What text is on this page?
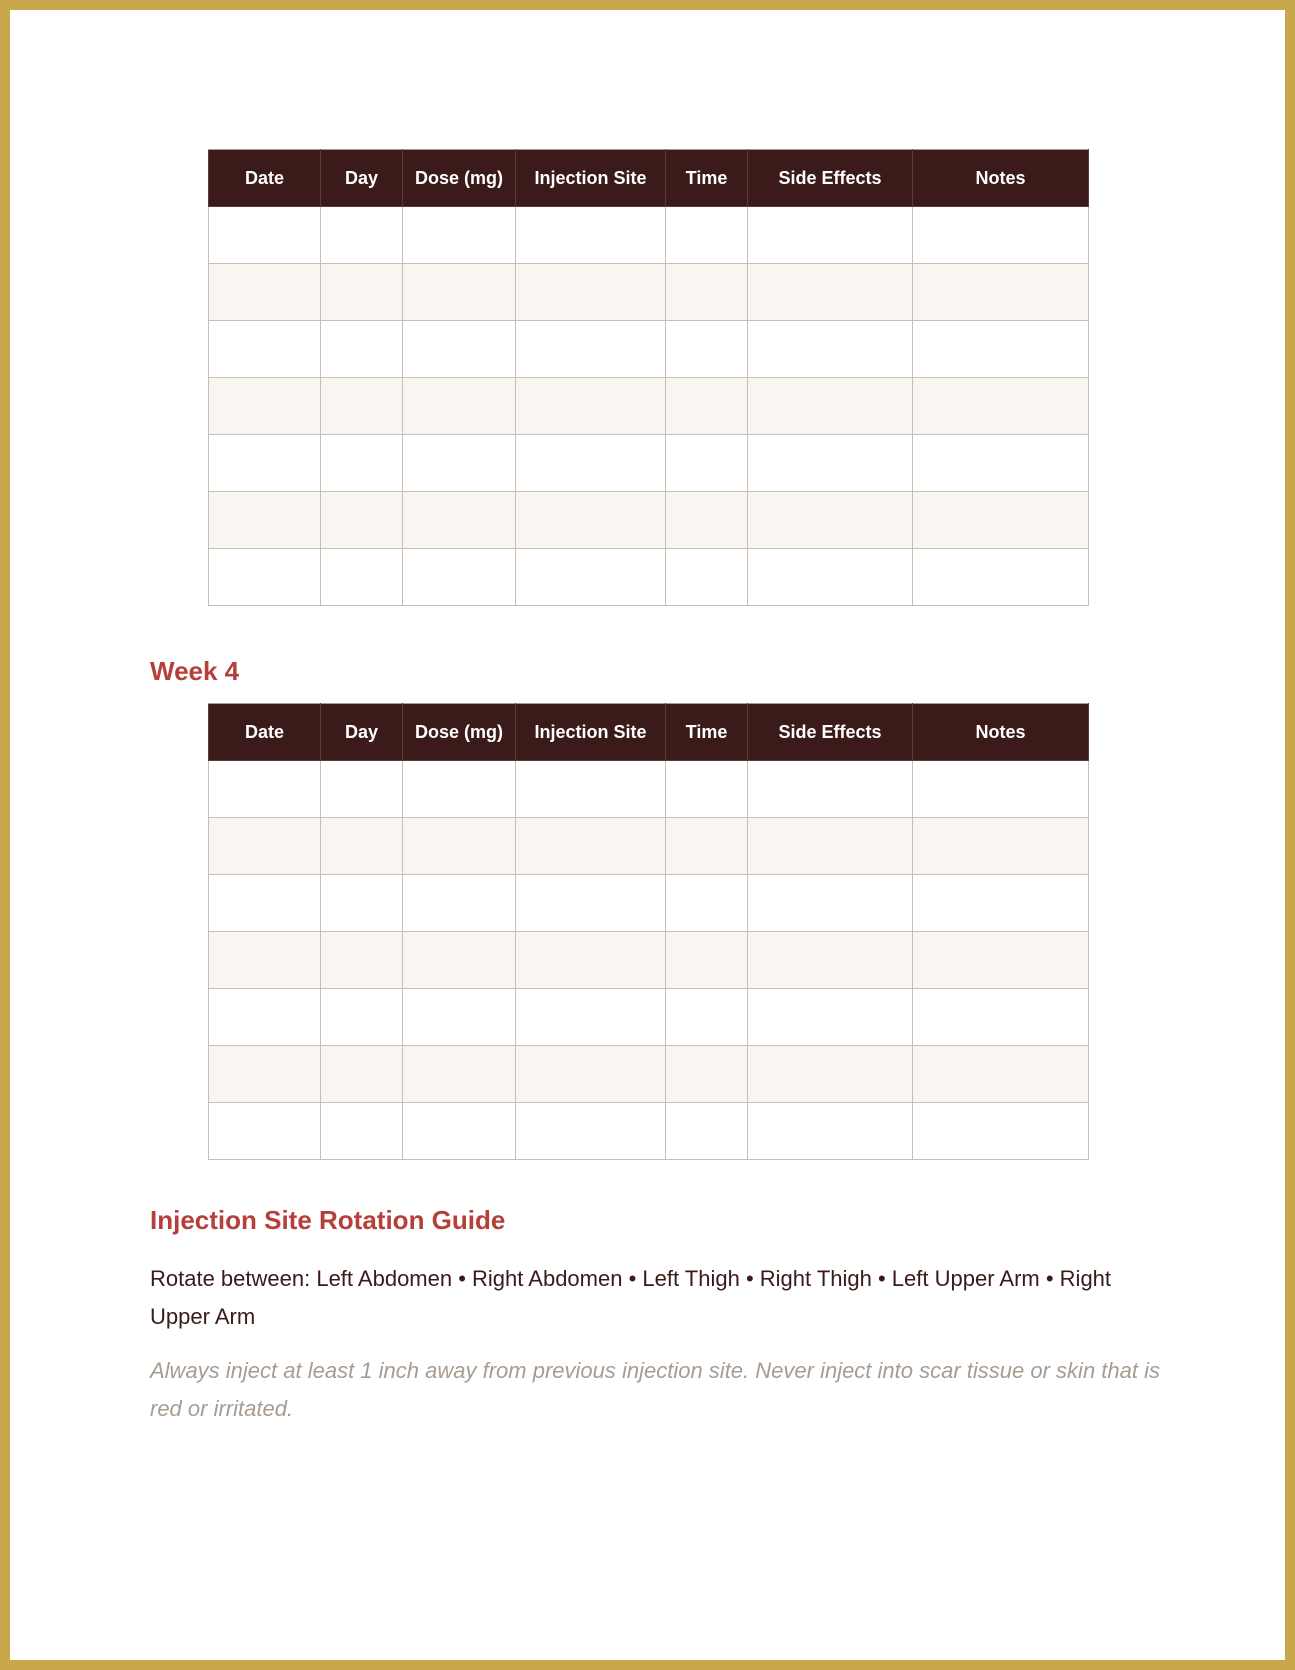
Date	Day	Dose (mg)	Injection Site	Time	Side Effects	Notes

Week 4
Date	Day	Dose (mg)	Injection Site	Time	Side Effects	Notes

Injection Site Rotation Guide

Rotate between: Left Abdomen • Right Abdomen • Left Thigh • Right Thigh • Left Upper Arm • Right Upper Arm

Always inject at least 1 inch away from previous injection site. Never inject into scar tissue or skin that is red or irritated.
